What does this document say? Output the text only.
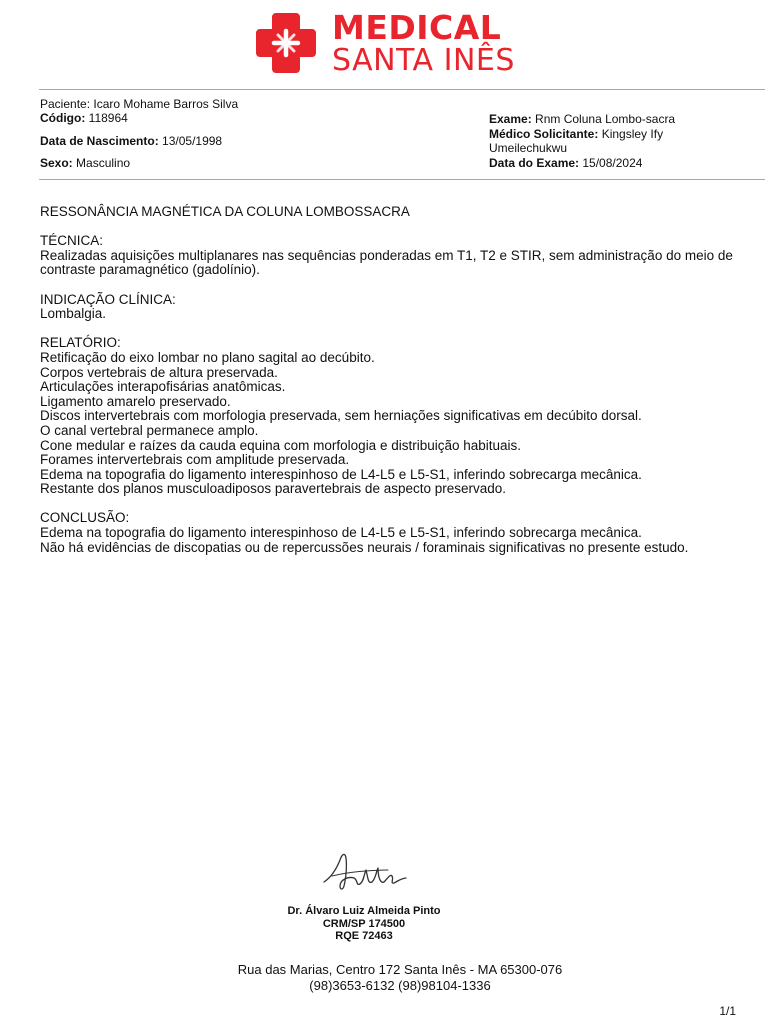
MEDICAL
SANTA INÊS
Paciente: Icaro Mohame Barros Silva
Código: 118964
Data de Nascimento: 13/05/1998
Sexo: Masculino
Exame: Rnm Coluna Lombo-sacra
Médico Solicitante: Kingsley Ify Umeilechukwu
Data do Exame: 15/08/2024

RESSONÂNCIA MAGNÉTICA DA COLUNA LOMBOSSACRA

TÉCNICA:

Realizadas aquisições multiplanares nas sequências ponderadas em T1, T2 e STIR, sem administração do meio de contraste paramagnético (gadolínio).

INDICAÇÃO CLÍNICA:

Lombalgia.

RELATÓRIO:

Retificação do eixo lombar no plano sagital ao decúbito.

Corpos vertebrais de altura preservada.

Articulações interapofisárias anatômicas.

Ligamento amarelo preservado.

Discos intervertebrais com morfologia preservada, sem herniações significativas em decúbito dorsal.

O canal vertebral permanece amplo.

Cone medular e raízes da cauda equina com morfologia e distribuição habituais.

Forames intervertebrais com amplitude preservada.

Edema na topografia do ligamento interespinhoso de L4-L5 e L5-S1, inferindo sobrecarga mecânica.

Restante dos planos musculoadiposos paravertebrais de aspecto preservado.

CONCLUSÃO:

Edema na topografia do ligamento interespinhoso de L4-L5 e L5-S1, inferindo sobrecarga mecânica.

Não há evidências de discopatias ou de repercussões neurais / foraminais significativas no presente estudo.

Dr. Álvaro Luiz Almeida Pinto
CRM/SP 174500
RQE 72463
Rua das Marias, Centro 172 Santa Inês - MA 65300-076
(98)3653-6132 (98)98104-1336
1/1
